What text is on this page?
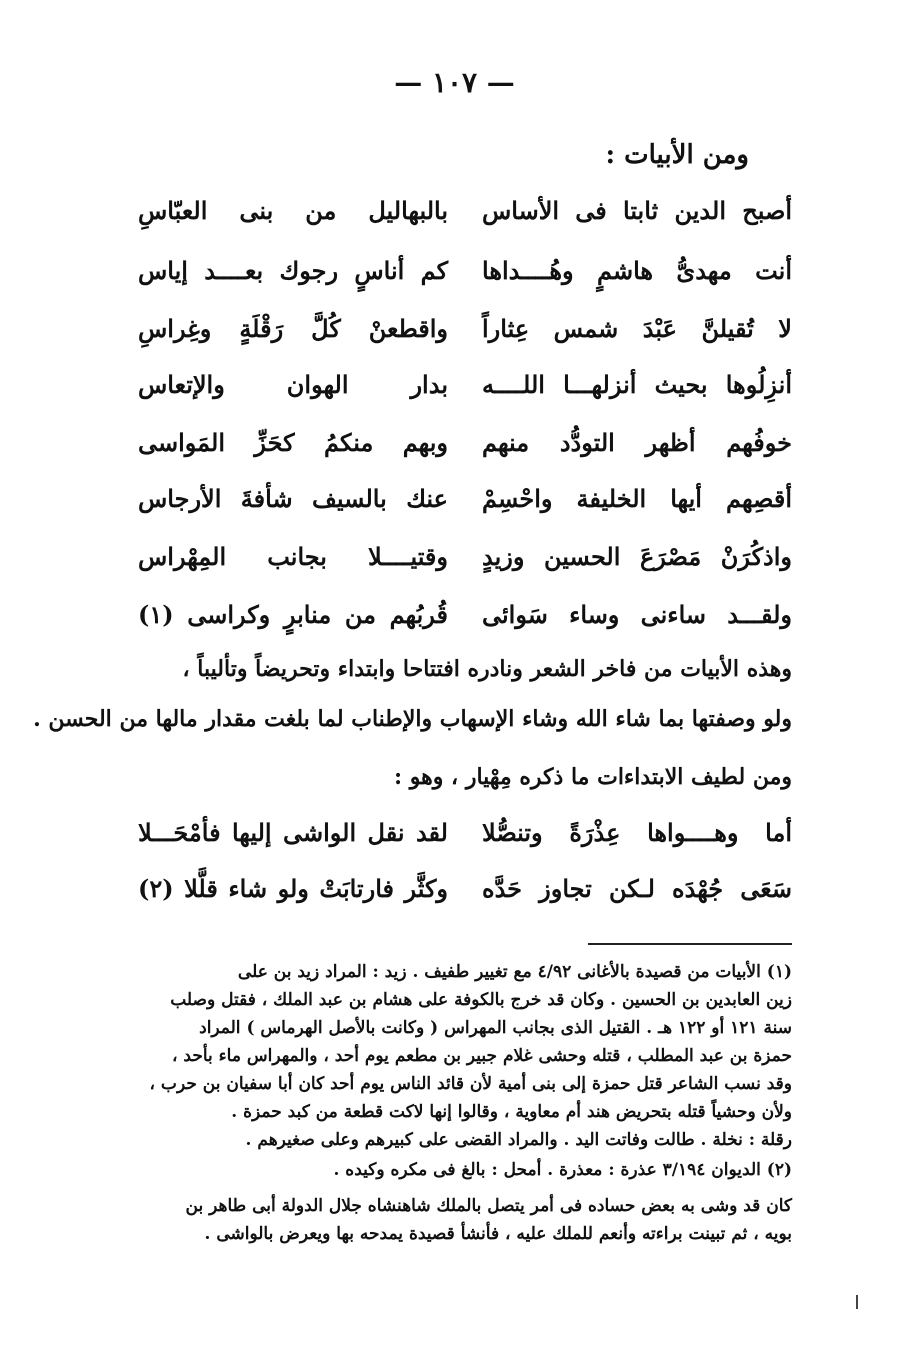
— ١٠٧ —
ومن الأبيات :
أصبح الدين ثابتا فى الأساس
بالبهاليل من بنى العبّاسِ
أنت مهدىُّ هاشمٍ وهُــــداها
كم أناسٍ رجوك بعــــد إياس
لا تُقيلنَّ عَبْدَ شمس عِثاراً
واقطعنْ كُلَّ رَقْلَةٍ وغِراسِ
أنزِلُوها بحيث أنزلهـــا اللــــه
بدار الهوان والإتعاس
خوفُهم أظهر التودُّد منهم
وبهم منكمُ كحَزِّ المَواسى
أقصِهم أيها الخليفة واحْسِمْ
عنك بالسيف شأفةَ الأرجاس
واذكُرَنْ مَصْرَعَ الحسين وزيدٍ
وقتيــــلا بجانب المِهْراس
ولقـــد ساءنى وساء سَوائى
قُربُهم من منابرٍ وكراسى (١)
وهذه الأبيات من فاخر الشعر ونادره افتتاحا وابتداء وتحريضاً وتأليباً ،
ولو وصفتها بما شاء الله وشاء الإسهاب والإطناب لما بلغت مقدار مالها من الحسن .
ومن لطيف الابتداءات ما ذكره مِهْيار ، وهو :
أما وهــــواها عِذْرَةً وتنصُّلا
لقد نقل الواشى إليها فأمْحَـــلا
سَعَى جُهْدَه لـكن تجاوز حَدَّه
وكثَّر فارتابَتْ ولو شاء قلَّلا (٢)
(١) الأبيات من قصيدة بالأغانى ٤/٩٢ مع تغيير طفيف . زيد : المراد زيد بن على
زين العابدين بن الحسين . وكان قد خرج بالكوفة على هشام بن عبد الملك ، فقتل وصلب
سنة ١٢١ أو ١٢٢ هـ . القتيل الذى بجانب المهراس ( وكانت بالأصل الهرماس ) المراد
حمزة بن عبد المطلب ، قتله وحشى غلام جبير بن مطعم يوم أحد ، والمهراس ماء بأحد ،
وقد نسب الشاعر قتل حمزة إلى بنى أمية لأن قائد الناس يوم أحد كان أبا سفيان بن حرب ،
ولأن وحشياً قتله بتحريض هند أم معاوية ، وقالوا إنها لاكت قطعة من كبد حمزة .
رقلة : نخلة . طالت وفاتت اليد . والمراد القضى على كبيرهم وعلى صغيرهم .
(٢) الديوان ٣/١٩٤ عذرة : معذرة . أمحل : بالغ فى مكره وكيده .
كان قد وشى به بعض حساده فى أمر يتصل بالملك شاهنشاه جلال الدولة أبى طاهر بن
بويه ، ثم تبينت براءته وأنعم للملك عليه ، فأنشأ قصيدة يمدحه بها ويعرض بالواشى .
